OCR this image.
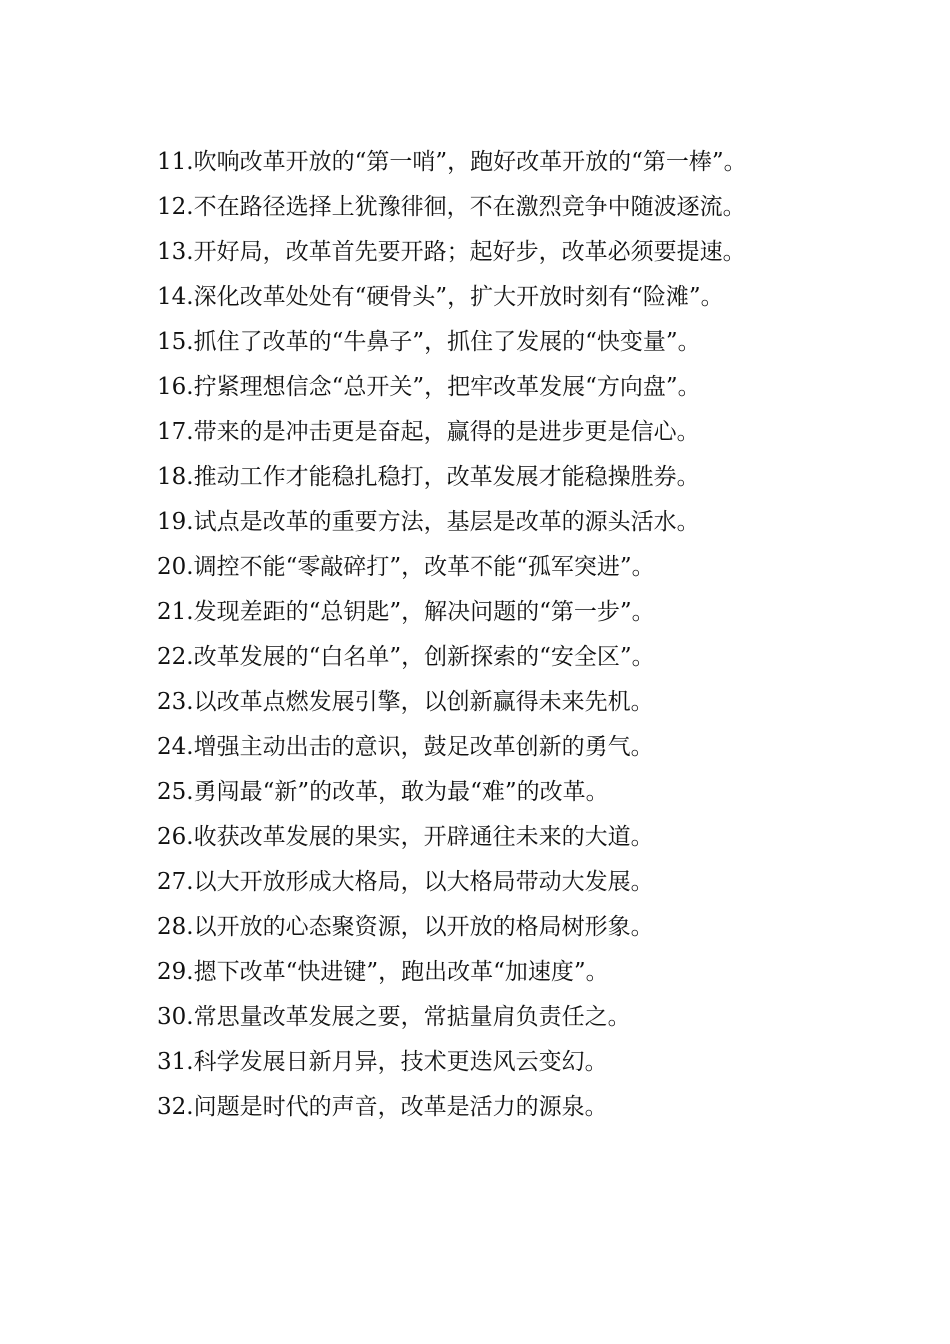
11.吹响改革开放的“第一哨”，跑好改革开放的“第一棒”。

12.不在路径选择上犹豫徘徊，不在激烈竞争中随波逐流。

13.开好局，改革首先要开路；起好步，改革必须要提速。

14.深化改革处处有“硬骨头”，扩大开放时刻有“险滩”。

15.抓住了改革的“牛鼻子”，抓住了发展的“快变量”。

16.拧紧理想信念“总开关”，把牢改革发展“方向盘”。

17.带来的是冲击更是奋起，赢得的是进步更是信心。

18.推动工作才能稳扎稳打，改革发展才能稳操胜券。

19.试点是改革的重要方法，基层是改革的源头活水。

20.调控不能“零敲碎打”，改革不能“孤军突进”。

21.发现差距的“总钥匙”，解决问题的“第一步”。

22.改革发展的“白名单”，创新探索的“安全区”。

23.以改革点燃发展引擎，以创新赢得未来先机。

24.增强主动出击的意识，鼓足改革创新的勇气。

25.勇闯最“新”的改革，敢为最“难”的改革。

26.收获改革发展的果实，开辟通往未来的大道。

27.以大开放形成大格局，以大格局带动大发展。

28.以开放的心态聚资源，以开放的格局树形象。

29.摁下改革“快进键”，跑出改革“加速度”。

30.常思量改革发展之要，常掂量肩负责任之。

31.科学发展日新月异，技术更迭风云变幻。

32.问题是时代的声音，改革是活力的源泉。
